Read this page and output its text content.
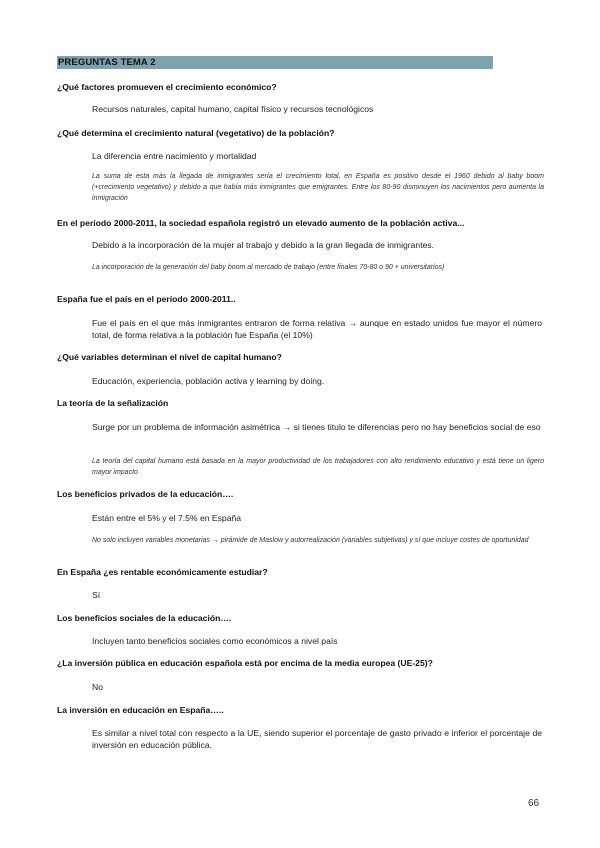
PREGUNTAS TEMA 2
¿Qué factores promueven el crecimiento económico?
Recursos naturales, capital humano, capital físico y recursos tecnológicos
¿Qué determina el crecimiento natural (vegetativo) de la población?
La diferencia entre nacimiento y mortalidad
La suma de esta más la llegada de inmigrantes sería el crecimiento total, en España es positivo desde el 1960 debido al baby boom (+crecimiento vegetativo) y debido a que había más inmigrantes que emigrantes. Entre los 80-90 disminuyen los nacimientos pero aumenta la inmigración
En el período 2000-2011, la sociedad española registró un elevado aumento de la población activa...
Debido a la incorporación de la mujer al trabajo y debido a la gran llegada de inmigrantes.
La incorporación de la generación del baby boom al mercado de trabajo (entre finales 70-80 o 90 + universitarios)
España fue el país en el período 2000-2011..
Fue el país en el que más inmigrantes entraron de forma relativa → aunque en estado unidos fue mayor el número total, de forma relativa a la población fue España (el 10%)
¿Qué variables determinan el nivel de capital humano?
Educación, experiencia, población activa y learning by doing.
La teoría de la señalización
Surge por un problema de información asimétrica → si tienes titulo te diferencias pero no hay beneficios social de eso
La teoría del capital humano está basada en la mayor productividad de los trabajadores con alto rendimiento educativo y está tiene un ligero mayor impacto
Los beneficios privados de la educación….
Están entre el 5% y el 7.5% en España
No solo incluyen variables monetarias → pirámide de Maslow y autorrealización (variables subjetivas) y sí que incluye costes de oportunidad
En España ¿es rentable económicamente estudiar?
Sí
Los beneficios sociales de la educación….
Incluyen tanto beneficios sociales como económicos a nivel país
¿La inversión pública en educación española está por encima de la media europea (UE-25)?
No
La inversión en educación en España…..
Es similar a nivel total con respecto a la UE, siendo superior el porcentaje de gasto privado e inferior el porcentaje de inversión en educación pública.
66
